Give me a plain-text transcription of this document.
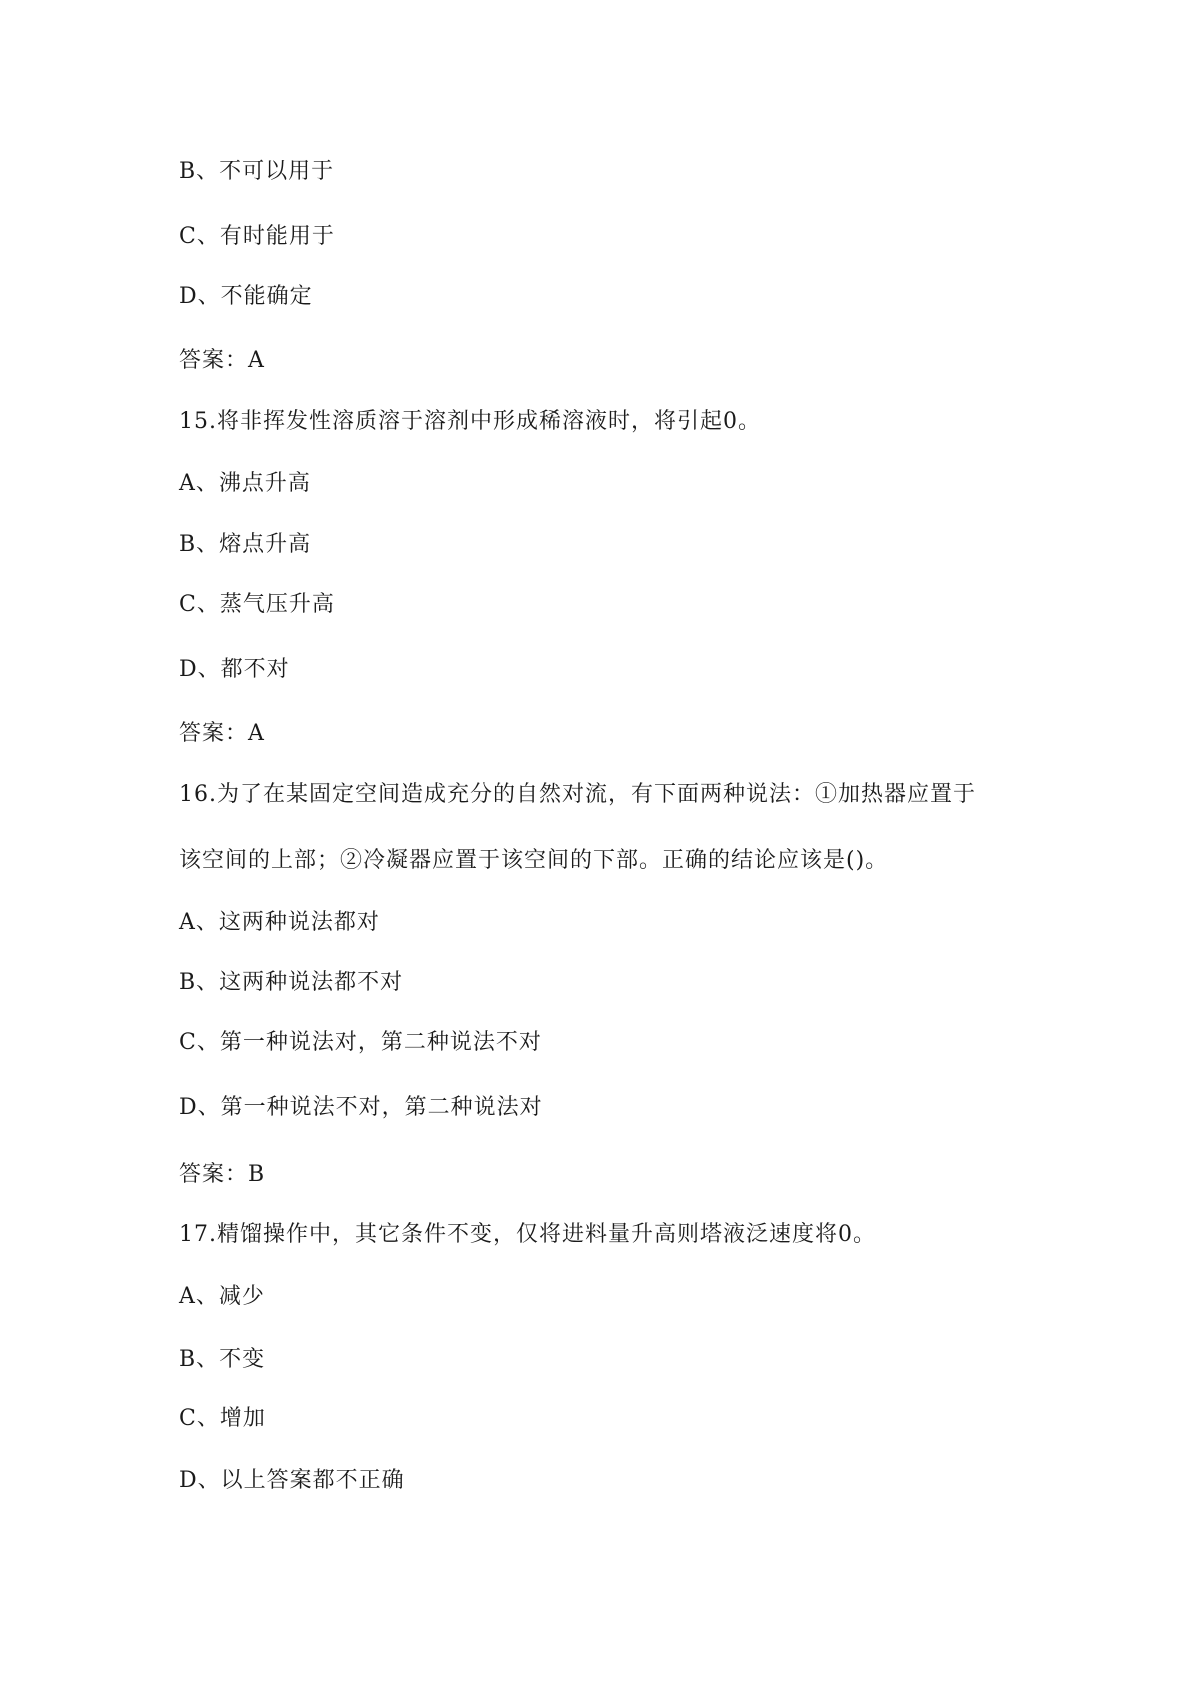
B、不可以用于
C、有时能用于
D、不能确定
答案：A
15.将非挥发性溶质溶于溶剂中形成稀溶液时，将引起0。
A、沸点升高
B、熔点升高
C、蒸气压升高
D、都不对
答案：A
16.为了在某固定空间造成充分的自然对流，有下面两种说法：①加热器应置于
该空间的上部；②冷凝器应置于该空间的下部。正确的结论应该是()。
A、这两种说法都对
B、这两种说法都不对
C、第一种说法对，第二种说法不对
D、第一种说法不对，第二种说法对
答案：B
17.精馏操作中，其它条件不变，仅将进料量升高则塔液泛速度将0。
A、减少
B、不变
C、增加
D、以上答案都不正确
